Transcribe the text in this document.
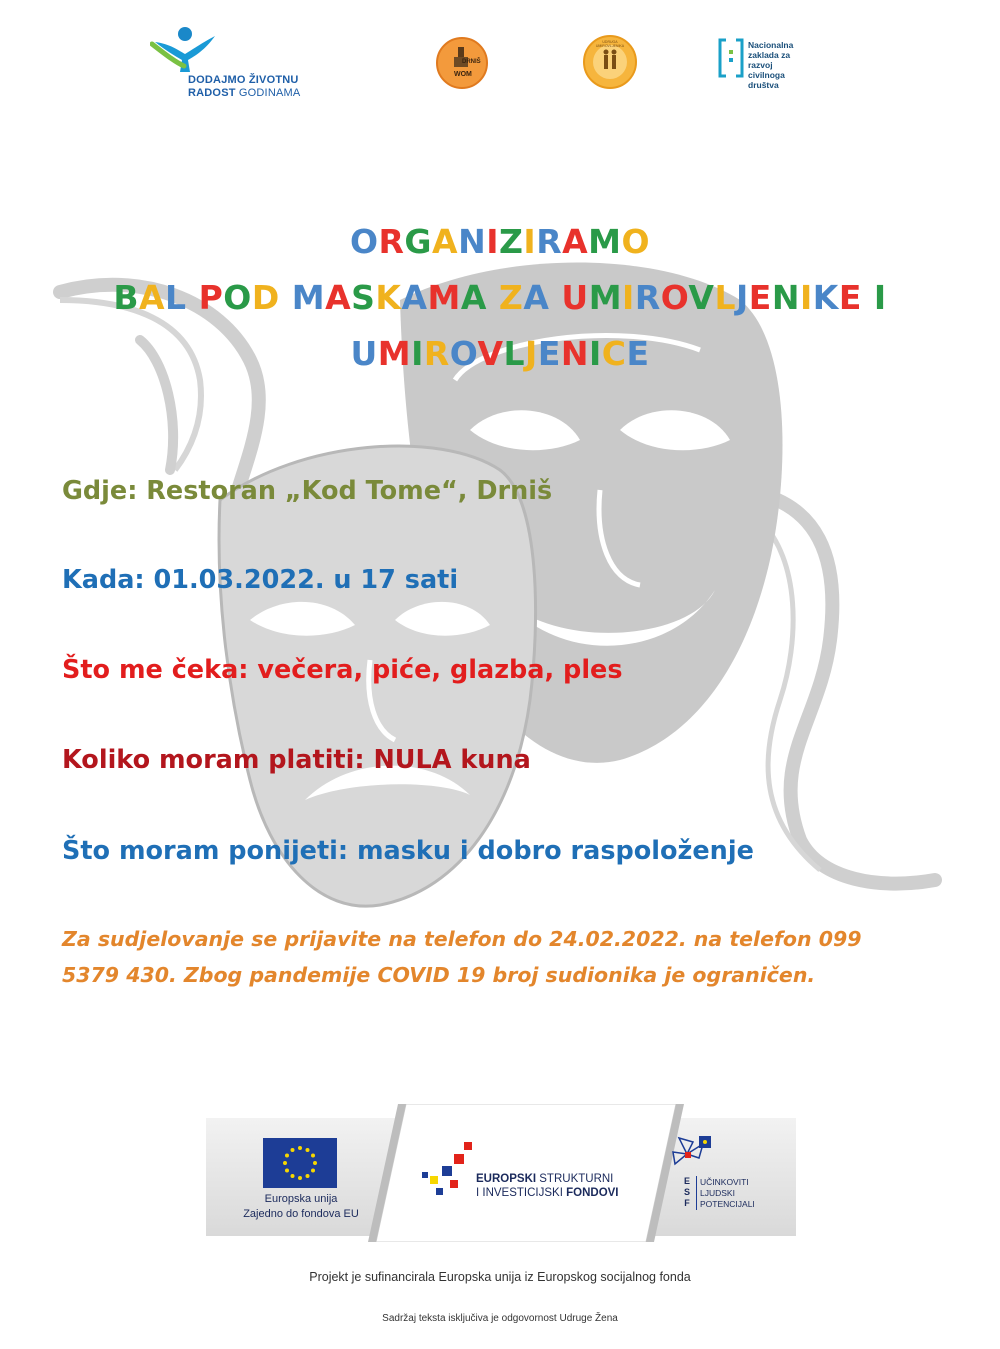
DODAJMO ŽIVOTNU
RADOST GODINAMA
DRNIŠ
WOM
UDRUGA UMIROVLJENIKA	Nacionalna
zaklada za
razvoj
civilnoga
društva
ORGANIZIRAMO
BAL POD MASKAMA ZA UMIROVLJENIKE I
UMIROVLJENICE
Gdje: Restoran „Kod Tome“, Drniš
Kada: 01.03.2022. u 17 sati
Što me čeka: večera, piće, glazba, ples
Koliko moram platiti: NULA kuna
Što moram ponijeti: masku i dobro raspoloženje
Za sudjelovanje se prijavite na telefon do 24.02.2022. na telefon 099
5379 430. Zbog pandemije COVID 19 broj sudionika je ograničen.
Europska unija
Zajedno do fondova EU
EUROPSKI STRUKTURNI
I INVESTICIJSKI FONDOVI
E
S
F
UČINKOVITI
LJUDSKI
POTENCIJALI
Projekt je sufinancirala Europska unija iz Europskog socijalnog fonda
Sadržaj teksta isključiva je odgovornost Udruge Žena
